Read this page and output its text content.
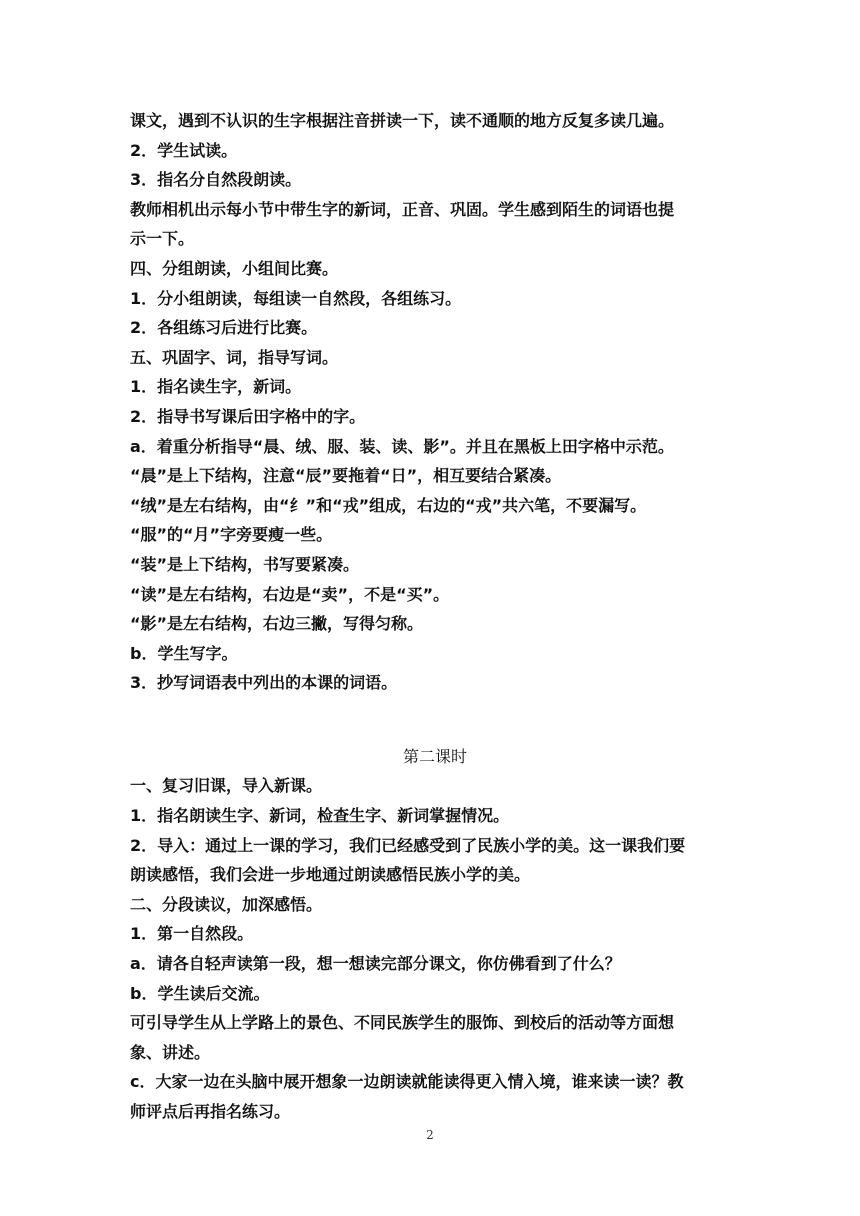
课文，遇到不认识的生字根据注音拼读一下，读不通顺的地方反复多读几遍。
2．学生试读。
3．指名分自然段朗读。
教师相机出示每小节中带生字的新词，正音、巩固。学生感到陌生的词语也提
示一下。
四、分组朗读，小组间比赛。
1．分小组朗读，每组读一自然段，各组练习。
2．各组练习后进行比赛。
五、巩固字、词，指导写词。
1．指名读生字，新词。
2．指导书写课后田字格中的字。
a．着重分析指导“晨、绒、服、装、读、影”。并且在黑板上田字格中示范。
“晨”是上下结构，注意“辰”要拖着“日”，相互要结合紧凑。
“绒”是左右结构，由“纟”和“戎”组成，右边的“戎”共六笔，不要漏写。
“服”的“月”字旁要瘦一些。
“装”是上下结构，书写要紧凑。
“读”是左右结构，右边是“卖”，不是“买”。
“影”是左右结构，右边三撇，写得匀称。
b．学生写字。
3．抄写词语表中列出的本课的词语。
第二课时
一、复习旧课，导入新课。
1．指名朗读生字、新词，检查生字、新词掌握情况。
2．导入：通过上一课的学习，我们已经感受到了民族小学的美。这一课我们要
朗读感悟，我们会进一步地通过朗读感悟民族小学的美。
二、分段读议，加深感悟。
1．第一自然段。
a．请各自轻声读第一段，想一想读完部分课文，你仿佛看到了什么？
b．学生读后交流。
可引导学生从上学路上的景色、不同民族学生的服饰、到校后的活动等方面想
象、讲述。
c．大家一边在头脑中展开想象一边朗读就能读得更入情入境，谁来读一读？教
师评点后再指名练习。
2
